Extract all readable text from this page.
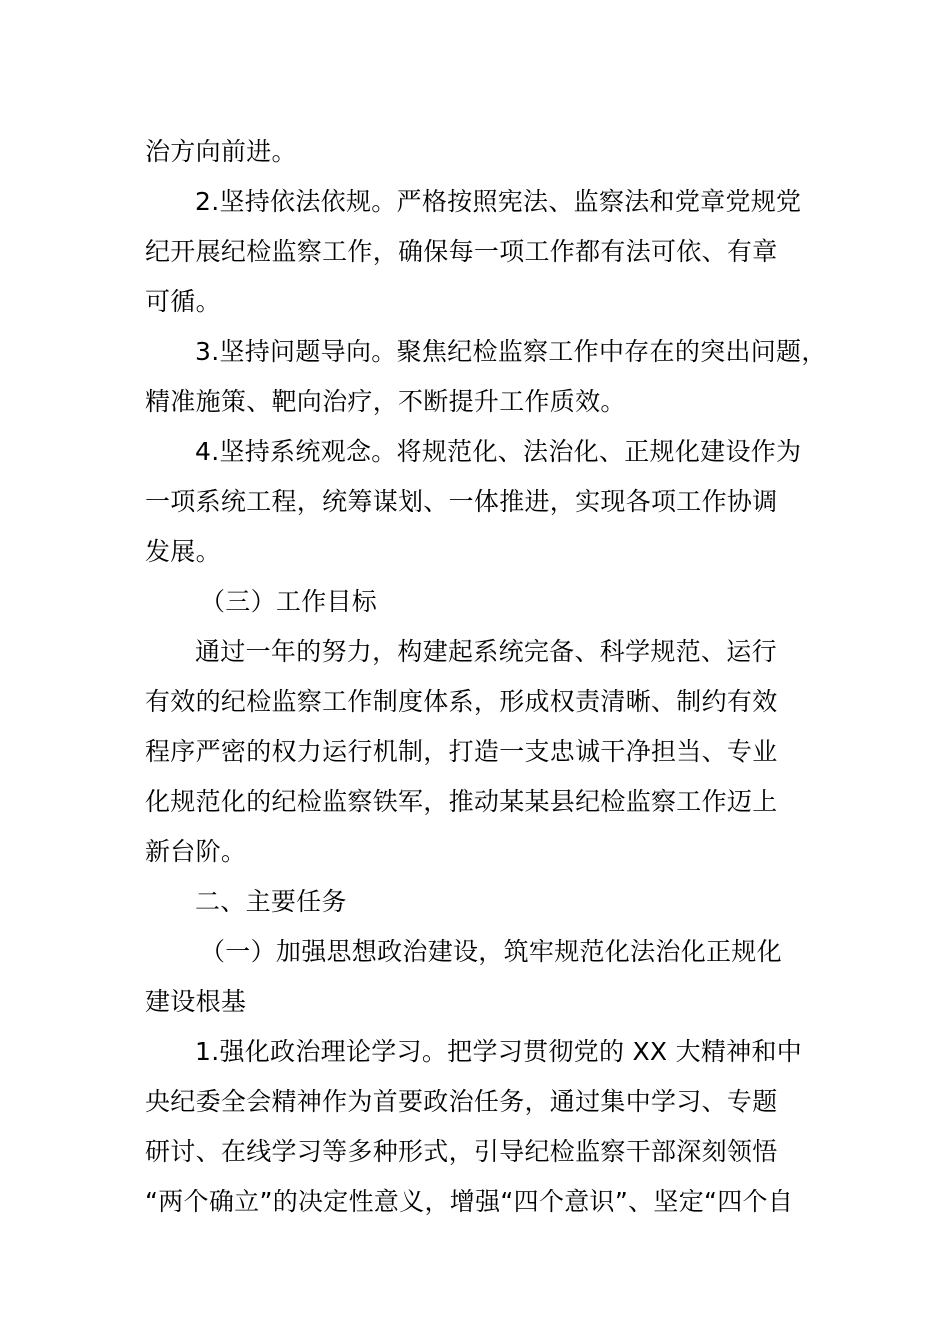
治方向前进。
2.坚持依法依规。严格按照宪法、监察法和党章党规党
纪开展纪检监察工作，确保每一项工作都有法可依、有章
可循。
3.坚持问题导向。聚焦纪检监察工作中存在的突出问题，
精准施策、靶向治疗，不断提升工作质效。
4.坚持系统观念。将规范化、法治化、正规化建设作为
一项系统工程，统筹谋划、一体推进，实现各项工作协调
发展。
（三）工作目标
通过一年的努力，构建起系统完备、科学规范、运行
有效的纪检监察工作制度体系，形成权责清晰、制约有效
程序严密的权力运行机制，打造一支忠诚干净担当、专业
化规范化的纪检监察铁军，推动某某县纪检监察工作迈上
新台阶。
二、主要任务
（一）加强思想政治建设，筑牢规范化法治化正规化
建设根基
1.强化政治理论学习。把学习贯彻党的 XX 大精神和中
央纪委全会精神作为首要政治任务，通过集中学习、专题
研讨、在线学习等多种形式，引导纪检监察干部深刻领悟
“两个确立”的决定性意义，增强“四个意识”、坚定“四个自
